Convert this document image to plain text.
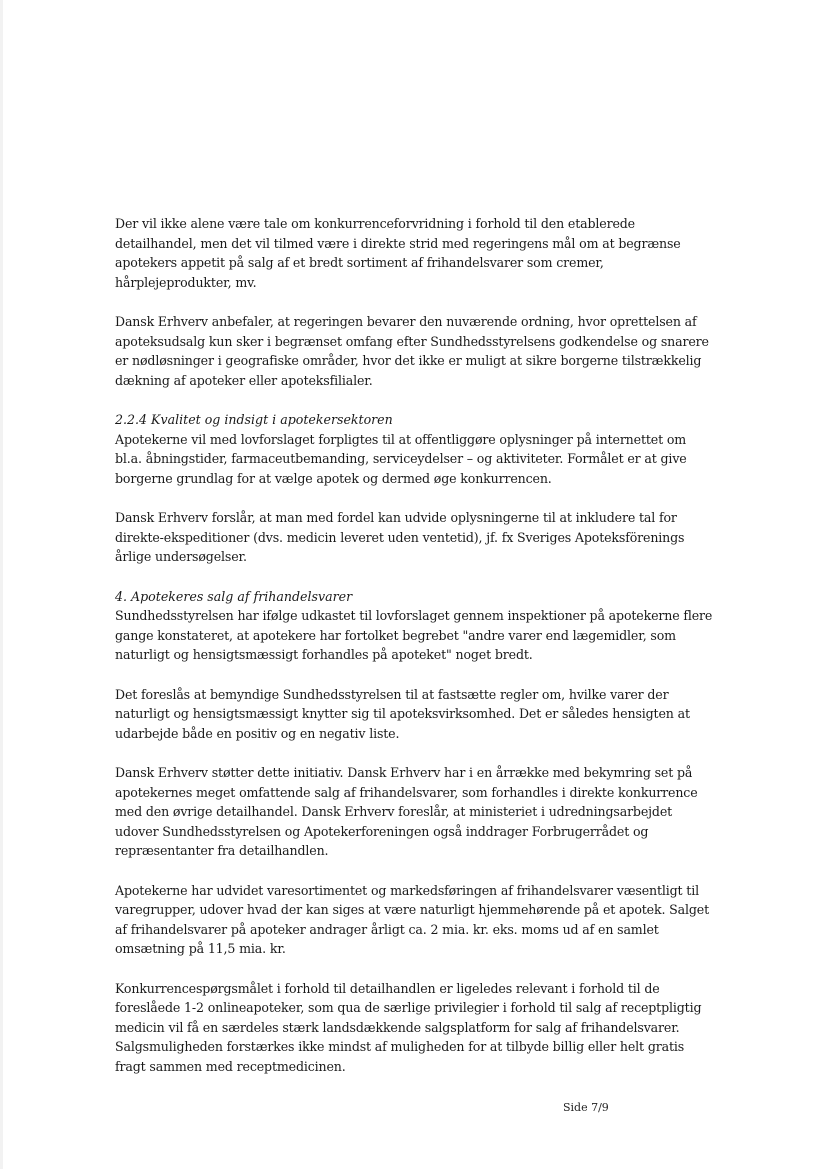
Der vil ikke alene være tale om konkurrenceforvridning i forhold til den etablerede detailhandel, men det vil tilmed være i direkte strid med regeringens mål om at begrænse apotekers appetit på salg af et bredt sortiment af frihandelsvarer som cremer, hårplejeprodukter, mv.

Dansk Erhverv anbefaler, at regeringen bevarer den nuværende ordning, hvor oprettelsen af apoteksudsalg kun sker i begrænset omfang efter Sundhedsstyrelsens godkendelse og snarere er nødløsninger i geografiske områder, hvor det ikke er muligt at sikre borgerne tilstrækkelig dækning af apoteker eller apoteksfilialer.

2.2.4 Kvalitet og indsigt i apotekersektoren

Apotekerne vil med lovforslaget forpligtes til at offentliggøre oplysninger på internettet om bl.a. åbningstider, farmaceutbemanding, serviceydelser – og aktiviteter. Formålet er at give borgerne grundlag for at vælge apotek og dermed øge konkurrencen.

Dansk Erhverv forslår, at man med fordel kan udvide oplysningerne til at inkludere tal for direkte-ekspeditioner (dvs. medicin leveret uden ventetid), jf. fx Sveriges Apoteksförenings årlige undersøgelser.

4. Apotekeres salg af frihandelsvarer

Sundhedsstyrelsen har ifølge udkastet til lovforslaget gennem inspektioner på apotekerne flere gange konstateret, at apotekere har fortolket begrebet "andre varer end lægemidler, som naturligt og hensigtsmæssigt forhandles på apoteket" noget bredt.

Det foreslås at bemyndige Sundhedsstyrelsen til at fastsætte regler om, hvilke varer der naturligt og hensigtsmæssigt knytter sig til apoteksvirksomhed. Det er således hensigten at udarbejde både en positiv og en negativ liste.

Dansk Erhverv støtter dette initiativ. Dansk Erhverv har i en årrække med bekymring set på apotekernes meget omfattende salg af frihandelsvarer, som forhandles i direkte konkurrence med den øvrige detailhandel. Dansk Erhverv foreslår, at ministeriet i udredningsarbejdet udover Sundhedsstyrelsen og Apotekerforeningen også inddrager Forbrugerrådet og repræsentanter fra detailhandlen.

Apotekerne har udvidet varesortimentet og markedsføringen af frihandelsvarer væsentligt til varegrupper, udover hvad der kan siges at være naturligt hjemmehørende på et apotek. Salget af frihandelsvarer på apoteker andrager årligt ca. 2 mia. kr. eks. moms ud af en samlet omsætning på 11,5 mia. kr.

Konkurrencespørgsmålet i forhold til detailhandlen er ligeledes relevant i forhold til de foreslåede 1-2 onlineapoteker, som qua de særlige privilegier i forhold til salg af receptpligtig medicin vil få en særdeles stærk landsdækkende salgsplatform for salg af frihandelsvarer. Salgsmuligheden forstærkes ikke mindst af muligheden for at tilbyde billig eller helt gratis fragt sammen med receptmedicinen.

Side 7/9
